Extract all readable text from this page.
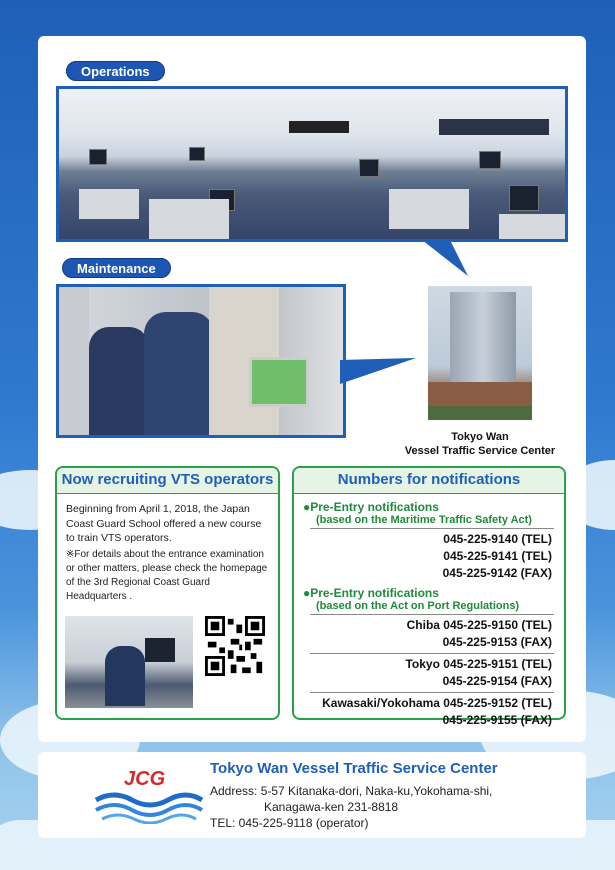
Operations
Maintenance
Tokyo Wan
Vessel Traffic Service Center
Now recruiting VTS operators
Beginning from April 1, 2018, the Japan Coast Guard School offered a new course to train VTS operators.
※For details about the entrance examination or other matters, please check the homepage of the 3rd Regional Coast Guard Headquarters .
Numbers for notifications
●Pre-Entry notifications
(based on the Maritime Traffic Safety Act)
045-225-9140 (TEL)
045-225-9141 (TEL)
045-225-9142 (FAX)
●Pre-Entry notifications
(based on the Act on Port Regulations)
Chiba 045-225-9150 (TEL)
045-225-9153 (FAX)
Tokyo 045-225-9151 (TEL)
045-225-9154 (FAX)
Kawasaki/Yokohama 045-225-9152 (TEL)
045-225-9155 (FAX)
JCG	Tokyo Wan Vessel Traffic Service Center
Address: 5-57 Kitanaka-dori, Naka-ku,Yokohama-shi,
Kanagawa-ken 231-8818
TEL: 045-225-9118 (operator)
